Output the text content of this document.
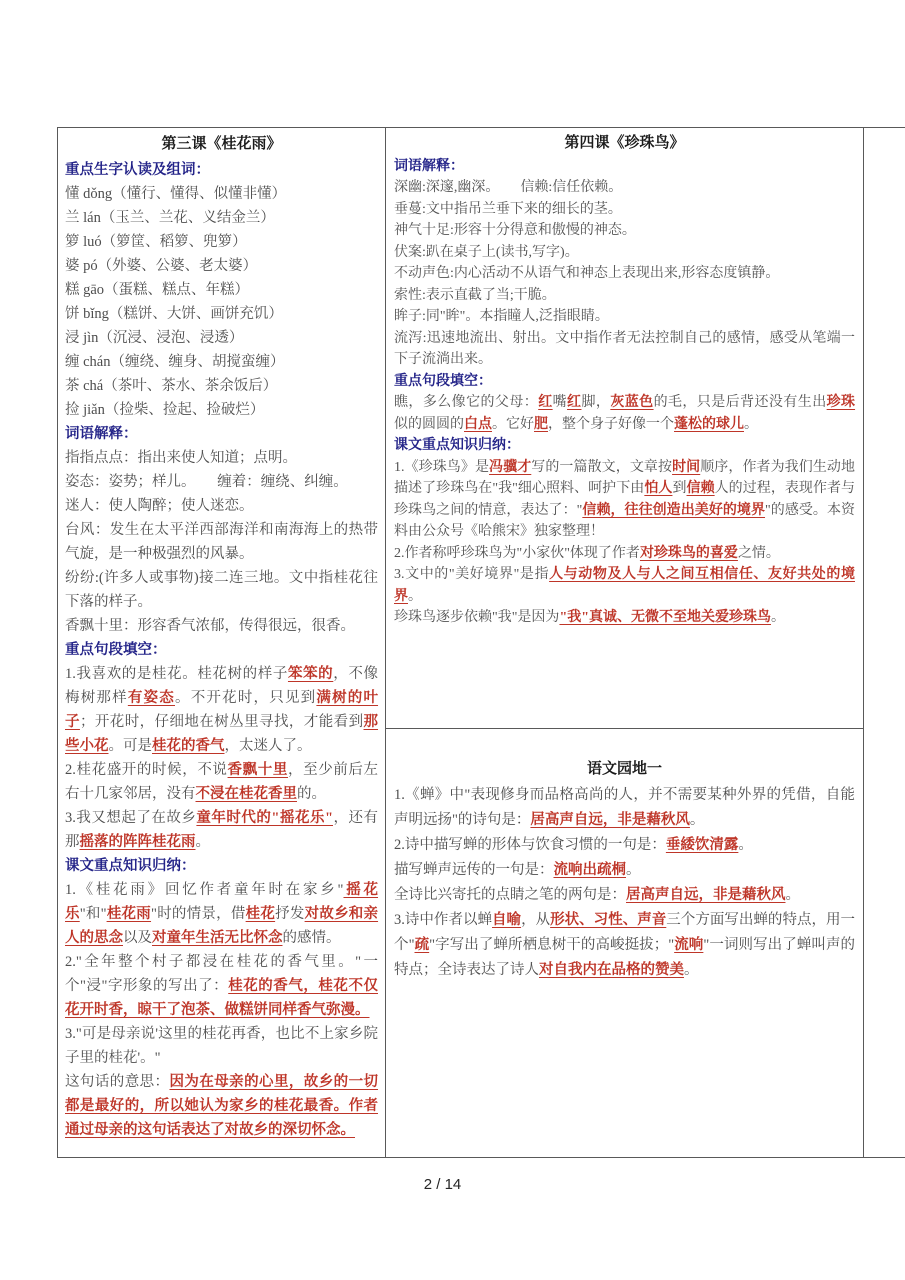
第三课《桂花雨》
重点生字认读及组词：
懂 dǒng（懂行、懂得、似懂非懂）
兰 lán（玉兰、兰花、义结金兰）
箩 luó（箩筐、稻箩、兜箩）
婆 pó（外婆、公婆、老太婆）
糕 gāo（蛋糕、糕点、年糕）
饼 bǐng（糕饼、大饼、画饼充饥）
浸 jìn（沉浸、浸泡、浸透）
缠 chán（缠绕、缠身、胡搅蛮缠）
茶 chá（茶叶、茶水、茶余饭后）
捡 jiǎn（捡柴、捡起、捡破烂）
词语解释：
指指点点：指出来使人知道；点明。
姿态：姿势；样儿。　　缠着：缠绕、纠缠。
迷人：使人陶醉；使人迷恋。
台风：发生在太平洋西部海洋和南海海上的热带气旋，是一种极强烈的风暴。
纷纷:(许多人或事物)接二连三地。文中指桂花往下落的样子。
香飘十里：形容香气浓郁，传得很远，很香。
重点句段填空：
1.我喜欢的是桂花。桂花树的样子笨笨的，不像梅树那样有姿态。不开花时，只见到满树的叶子；开花时，仔细地在树丛里寻找，才能看到那些小花。可是桂花的香气，太迷人了。
2.桂花盛开的时候，不说香飘十里，至少前后左右十几家邻居，没有不浸在桂花香里的。
3.我又想起了在故乡童年时代的"摇花乐"，还有那摇落的阵阵桂花雨。
课文重点知识归纳：
1.《桂花雨》回忆作者童年时在家乡"摇花乐"和"桂花雨"时的情景，借桂花抒发对故乡和亲人的思念以及对童年生活无比怀念的感情。
2."全年整个村子都浸在桂花的香气里。"一个"浸"字形象的写出了：桂花的香气，桂花不仅花开时香，晾干了泡茶、做糕饼同样香气弥漫。
3."可是母亲说'这里的桂花再香，也比不上家乡院子里的桂花'。"
这句话的意思：因为在母亲的心里，故乡的一切都是最好的，所以她认为家乡的桂花最香。作者通过母亲的这句话表达了对故乡的深切怀念。
第四课《珍珠鸟》
词语解释：
深幽:深邃,幽深。　　信赖:信任依赖。
垂蔓:文中指吊兰垂下来的细长的茎。
神气十足:形容十分得意和傲慢的神态。
伏案:趴在桌子上(读书,写字)。
不动声色:内心活动不从语气和神态上表现出来,形容态度镇静。
索性:表示直截了当;干脆。
眸子:同"眸"。本指瞳人,泛指眼睛。
流泻:迅速地流出、射出。文中指作者无法控制自己的感情，感受从笔端一下子流淌出来。
重点句段填空：
瞧，多么像它的父母：红嘴红脚，灰蓝色的毛，只是后背还没有生出珍珠似的圆圆的白点。它好肥，整个身子好像一个蓬松的球儿。
课文重点知识归纳：
1.《珍珠鸟》是冯骥才写的一篇散文，文章按时间顺序，作者为我们生动地描述了珍珠鸟在"我"细心照料、呵护下由怕人到信赖人的过程，表现作者与珍珠鸟之间的情意，表达了："信赖，往往创造出美好的境界"的感受。本资料由公众号《哈熊宋》独家整理！
2.作者称呼珍珠鸟为"小家伙"体现了作者对珍珠鸟的喜爱之情。
3.文中的"美好境界"是指人与动物及人与人之间互相信任、友好共处的境界。
珍珠鸟逐步依赖"我"是因为"我"真诚、无微不至地关爱珍珠鸟。
语文园地一
1.《蝉》中"表现修身而品格高尚的人，并不需要某种外界的凭借，自能声明远扬"的诗句是：居高声自远，非是藉秋风。
2.诗中描写蝉的形体与饮食习惯的一句是：垂緌饮清露。
描写蝉声远传的一句是：流响出疏桐。
全诗比兴寄托的点睛之笔的两句是：居高声自远，非是藉秋风。
3.诗中作者以蝉自喻，从形状、习性、声音三个方面写出蝉的特点，用一个"疏"字写出了蝉所栖息树干的高峻挺拔；"流响"一词则写出了蝉叫声的特点；全诗表达了诗人对自我内在品格的赞美。
2 / 14
